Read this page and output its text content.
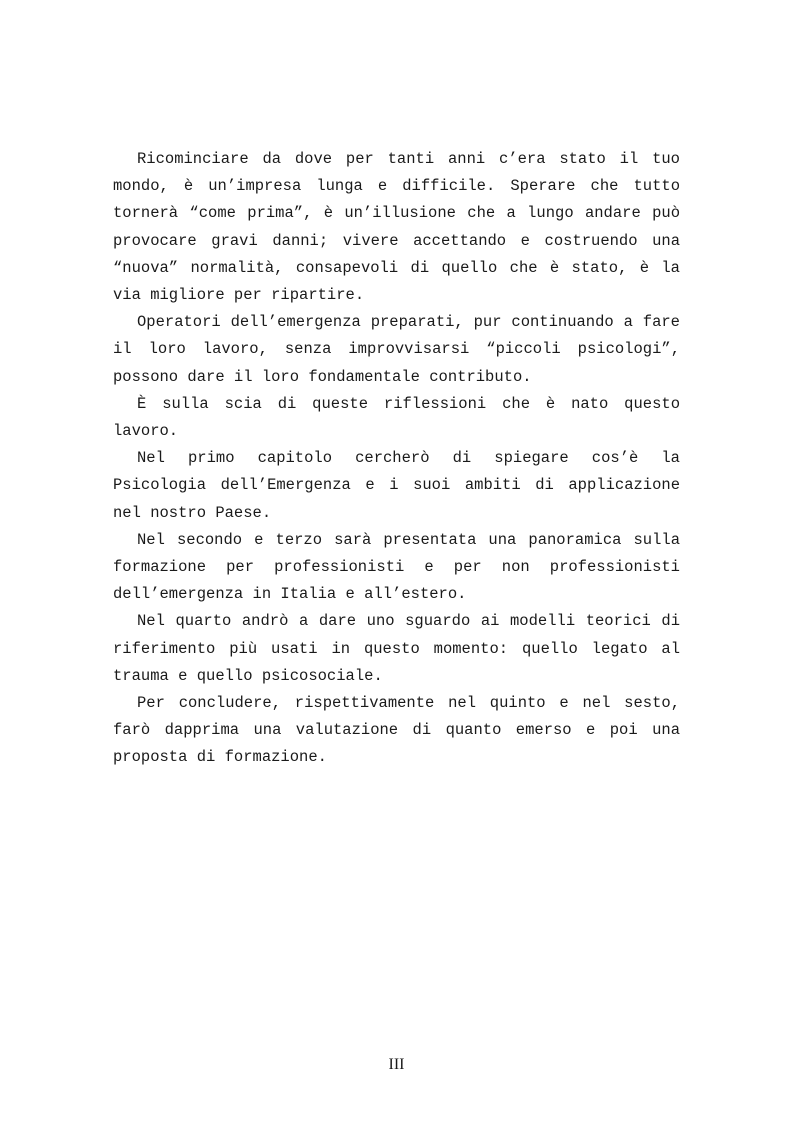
Ricominciare da dove per tanti anni c’era stato il tuo mondo, è un’impresa lunga e difficile. Sperare che tutto tornerà “come prima”, è un’illusione che a lungo andare può provocare gravi danni; vivere accettando e costruendo una “nuova” normalità, consapevoli di quello che è stato, è la via migliore per ripartire.

Operatori dell’emergenza preparati, pur continuando a fare il loro lavoro, senza improvvisarsi “piccoli psicologi”, possono dare il loro fondamentale contributo.

È sulla scia di queste riflessioni che è nato questo lavoro.

Nel primo capitolo cercherò di spiegare cos’è la Psicologia dell’Emergenza e i suoi ambiti di applicazione nel nostro Paese.

Nel secondo e terzo sarà presentata una panoramica sulla formazione per professionisti e per non professionisti dell’emergenza in Italia e all’estero.

Nel quarto andrò a dare uno sguardo ai modelli teorici di riferimento più usati in questo momento: quello legato al trauma e quello psicosociale.

Per concludere, rispettivamente nel quinto e nel sesto, farò dapprima una valutazione di quanto emerso e poi una proposta di formazione.

III
